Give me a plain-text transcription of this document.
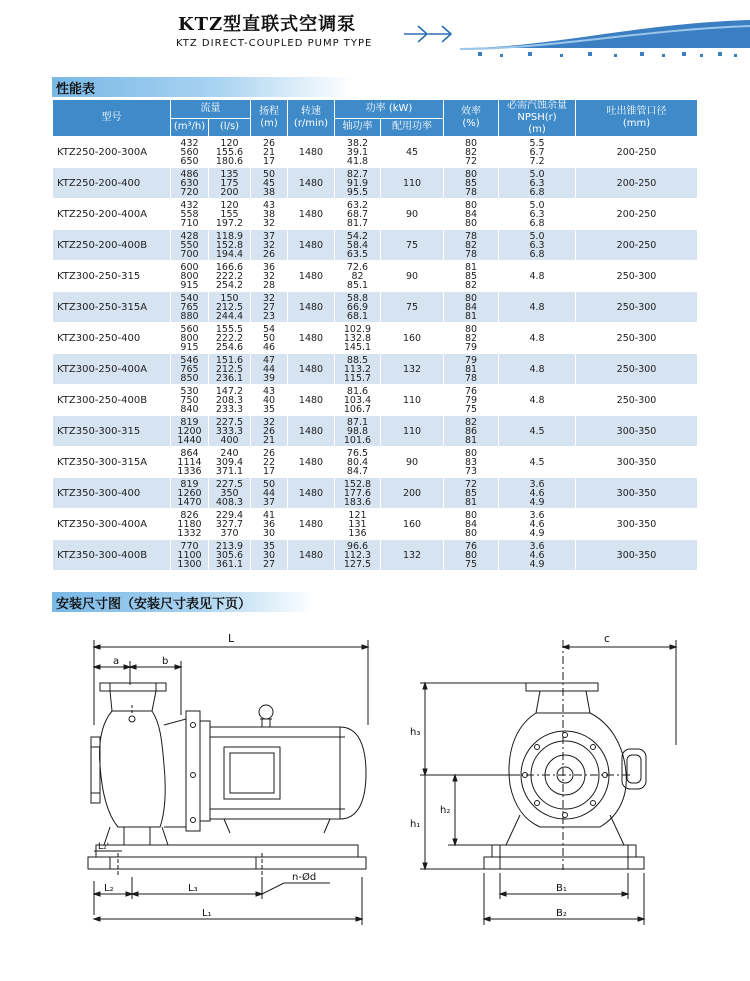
KTZ型直联式空调泵
KTZ DIRECT-COUPLED PUMP TYPE
性能表
型号	流量		扬程
(m)	转速
(r/min)	功率 (kW)		效率
(%)	必需汽蚀余量
NPSH(r)
(m)	吐出锥管口径
(mm)
	(m³/h)	(l/s)			轴功率	配用功率			
KTZ250-200-300A	432
560
650	120
155.6
180.6	26
21
17	1480	38.2
39.1
41.8	45	80
82
72	5.5
6.7
7.2	200-250
KTZ250-200-400	486
630
720	135
175
200	50
45
38	1480	82.7
91.9
95.5	110	80
85
78	5.0
6.3
6.8	200-250
KTZ250-200-400A	432
558
710	120
155
197.2	43
38
32	1480	63.2
68.7
81.7	90	80
84
80	5.0
6.3
6.8	200-250
KTZ250-200-400B	428
550
700	118.9
152.8
194.4	37
32
26	1480	54.2
58.4
63.5	75	78
82
78	5.0
6.3
6.8	200-250
KTZ300-250-315	600
800
915	166.6
222.2
254.2	36
32
28	1480	72.6
82
85.1	90	81
85
82	4.8	250-300
KTZ300-250-315A	540
765
880	150
212.5
244.4	32
27
23	1480	58.8
66.9
68.1	75	80
84
81	4.8	250-300
KTZ300-250-400	560
800
915	155.5
222.2
254.6	54
50
46	1480	102.9
132.8
145.1	160	80
82
79	4.8	250-300
KTZ300-250-400A	546
765
850	151.6
212.5
236.1	47
44
39	1480	88.5
113.2
115.7	132	79
81
78	4.8	250-300
KTZ300-250-400B	530
750
840	147.2
208.3
233.3	43
40
35	1480	81.6
103.4
106.7	110	76
79
75	4.8	250-300
KTZ350-300-315	819
1200
1440	227.5
333.3
400	32
26
21	1480	87.1
98.8
101.6	110	82
86
81	4.5	300-350
KTZ350-300-315A	864
1114
1336	240
309.4
371.1	26
22
17	1480	76.5
80.4
84.7	90	80
83
73	4.5	300-350
KTZ350-300-400	819
1260
1470	227.5
350
408.3	50
44
37	1480	152.8
177.6
183.6	200	72
85
81	3.6
4.6
4.9	300-350
KTZ350-300-400A	826
1180
1332	229.4
327.7
370	41
36
30	1480	121
131
136	160	80
84
80	3.6
4.6
4.9	300-350
KTZ350-300-400B	770
1100
1300	213.9
305.6
361.1	35
30
27	1480	96.6
112.3
127.5	132	76
80
75	3.6
4.6
4.9	300-350
安装尺寸图（安装尺寸表见下页）
L
a	b
L₂'
L₂	L₃
n-Ød
L₁
c
h₃
h₁
h₂
B₁
B₂
